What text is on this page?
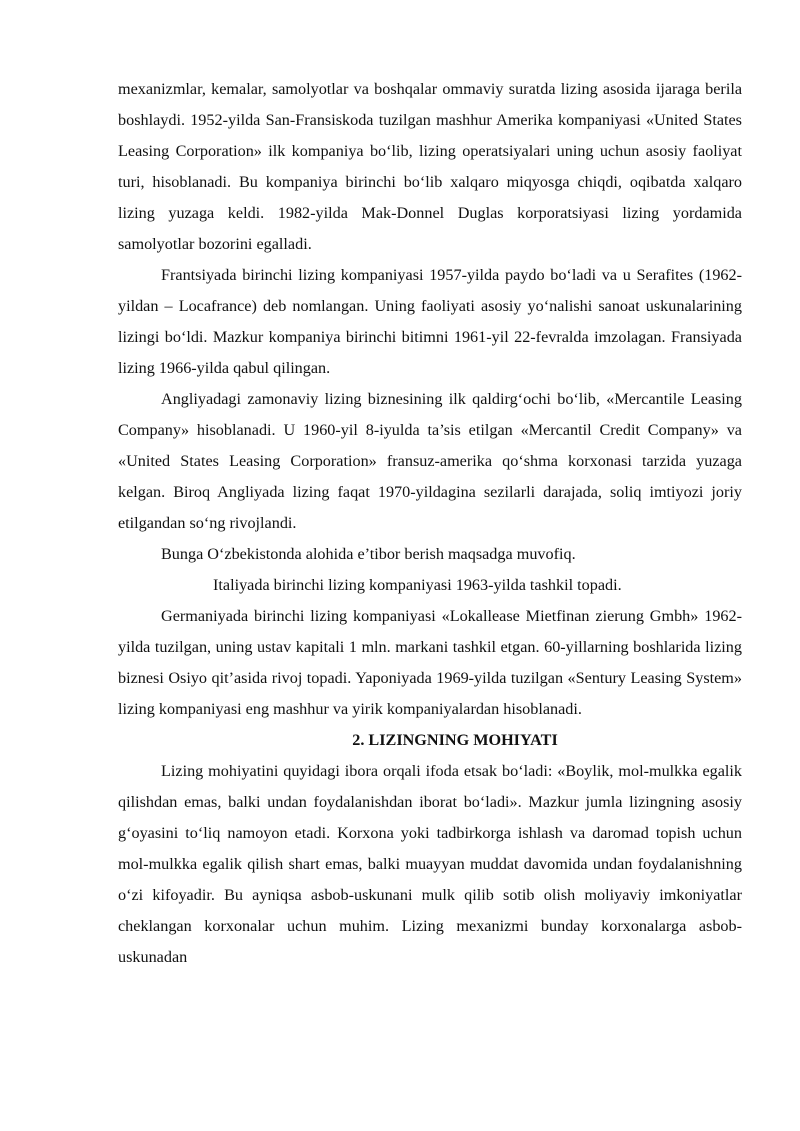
mexanizmlar, kemalar, samolyotlar va boshqalar ommaviy suratda lizing asosida ijaraga berila boshlaydi. 1952-yilda San-Fransiskoda tuzilgan mashhur Amerika kompaniyasi «United States Leasing Corporation» ilk kompaniya bo‘lib, lizing operatsiyalari uning uchun asosiy faoliyat turi, hisoblanadi. Bu kompaniya birinchi bo‘lib xalqaro miqyosga chiqdi, oqibatda xalqaro lizing yuzaga keldi. 1982-yilda Mak-Donnel Duglas korporatsiyasi lizing yordamida samolyotlar bozorini egalladi.

Frantsiyada birinchi lizing kompaniyasi 1957-yilda paydo bo‘ladi va u Serafites (1962-yildan – Locafrance) deb nomlangan. Uning faoliyati asosiy yo‘nalishi sanoat uskunalarining lizingi bo‘ldi. Mazkur kompaniya birinchi bitimni 1961-yil 22-fevralda imzolagan. Fransiyada lizing 1966-yilda qabul qilingan.

Angliyadagi zamonaviy lizing biznesining ilk qaldirg‘ochi bo‘lib, «Mercantile Leasing Company» hisoblanadi. U 1960-yil 8-iyulda ta’sis etilgan «Mercantil Credit Company» va «United States Leasing Corporation» fransuz-amerika qo‘shma korxonasi tarzida yuzaga kelgan. Biroq Angliyada lizing faqat 1970-yildagina sezilarli darajada, soliq imtiyozi joriy etilgandan so‘ng rivojlandi.

Bunga O‘zbekistonda alohida e’tibor berish maqsadga muvofiq.

Italiyada birinchi lizing kompaniyasi 1963-yilda tashkil topadi.

Germaniyada birinchi lizing kompaniyasi «Lokallease Mietfinan zierung Gmbh» 1962-yilda tuzilgan, uning ustav kapitali 1 mln. markani tashkil etgan. 60-yillarning boshlarida lizing biznesi Osiyo qit’asida rivoj topadi. Yaponiyada 1969-yilda tuzilgan «Sentury Leasing System» lizing kompaniyasi eng mashhur va yirik kompaniyalardan hisoblanadi.

2. LIZINGNING MOHIYATI

Lizing mohiyatini quyidagi ibora orqali ifoda etsak bo‘ladi: «Boylik, mol-mulkka egalik qilishdan emas, balki undan foydalanishdan iborat bo‘ladi». Mazkur jumla lizingning asosiy g‘oyasini to‘liq namoyon etadi. Korxona yoki tadbirkorga ishlash va daromad topish uchun mol-mulkka egalik qilish shart emas, balki muayyan muddat davomida undan foydalanishning o‘zi kifoyadir. Bu ayniqsa asbob-uskunani mulk qilib sotib olish moliyaviy imkoniyatlar cheklangan korxonalar uchun muhim. Lizing mexanizmi bunday korxonalarga asbob-uskunadan
